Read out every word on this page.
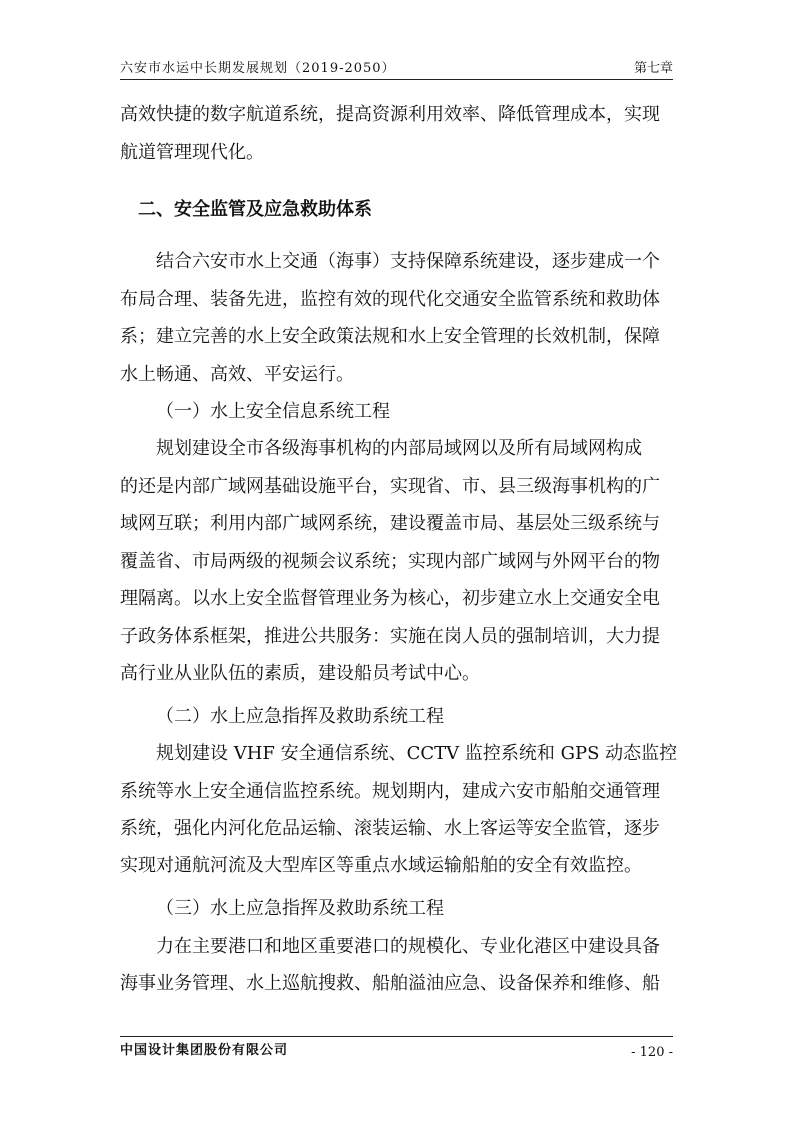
六安市水运中长期发展规划（2019-2050）	第七章
高效快捷的数字航道系统，提高资源利用效率、降低管理成本，实现
航道管理现代化。
二、安全监管及应急救助体系
结合六安市水上交通（海事）支持保障系统建设，逐步建成一个
布局合理、装备先进，监控有效的现代化交通安全监管系统和救助体
系；建立完善的水上安全政策法规和水上安全管理的长效机制，保障
水上畅通、高效、平安运行。
（一）水上安全信息系统工程
规划建设全市各级海事机构的内部局域网以及所有局域网构成
的还是内部广域网基础设施平台，实现省、市、县三级海事机构的广
域网互联；利用内部广域网系统，建设覆盖市局、基层处三级系统与
覆盖省、市局两级的视频会议系统；实现内部广域网与外网平台的物
理隔离。以水上安全监督管理业务为核心，初步建立水上交通安全电
子政务体系框架，推进公共服务：实施在岗人员的强制培训，大力提
高行业从业队伍的素质，建设船员考试中心。
（二）水上应急指挥及救助系统工程
规划建设 VHF 安全通信系统、CCTV 监控系统和 GPS 动态监控
系统等水上安全通信监控系统。规划期内，建成六安市船舶交通管理
系统，强化内河化危品运输、滚装运输、水上客运等安全监管，逐步
实现对通航河流及大型库区等重点水域运输船舶的安全有效监控。
（三）水上应急指挥及救助系统工程
力在主要港口和地区重要港口的规模化、专业化港区中建设具备
海事业务管理、水上巡航搜救、船舶溢油应急、设备保养和维修、船
中国设计集团股份有限公司	- 120 -
